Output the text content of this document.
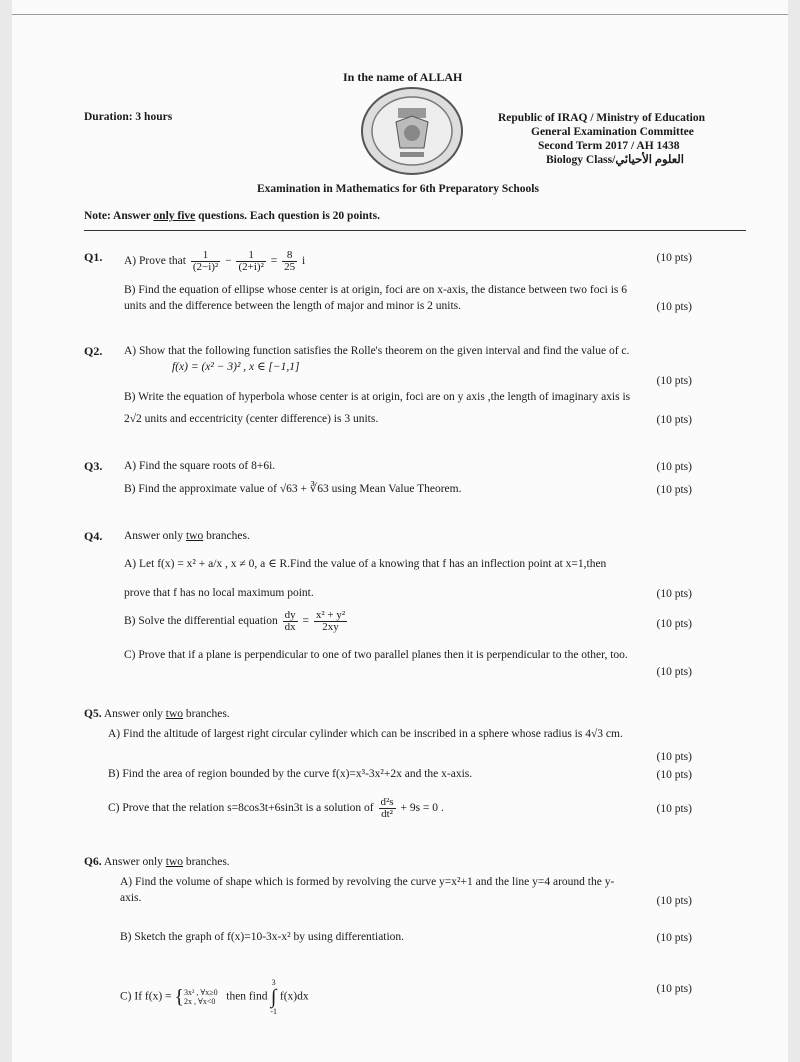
In the name of ALLAH
Duration: 3 hours	Republic of IRAQ / Ministry of Education
General Examination Committee
Second Term 2017 / AH 1438
Biology Class/العلوم الأحيائي
Examination in Mathematics for 6th Preparatory Schools
Note: Answer only five questions. Each question is 20 points.
Q1. A) Prove that $\frac{1}{\text{(2−i)²}} - \frac{1}{\text{(2+i)²}} = \frac{8}{25}$ i	(10 pts)
B) Find the equation of ellipse whose center is at origin, foci are on x-axis, the distance between two foci is 6
units and the difference between the length of major and minor is 2 units.	(10 pts)
Q2. A) Show that the following function satisfies the Rolle's theorem on the given interval and find the value of c.
f(x) = (x² − 3)² , x ∈ [−1,1]
(10 pts)
B) Write the equation of hyperbola whose center is at origin, foci are on y axis ,the length of imaginary axis is
2√2 units and eccentricity (center difference) is 3 units.	(10 pts)
Q3. A) Find the square roots of 8+6i.	(10 pts)
B) Find the approximate value of √63 + ∛63 using Mean Value Theorem.	(10 pts)
Q4. Answer only two branches.
A) Let f(x) = x² + a/x , x ≠ 0, a ∈ R.Find the value of a knowing that f has an inflection point at x=1,then
prove that f has no local maximum point.	(10 pts)
B) Solve the differential equation $\frac{dy}{dx} = \frac{\text{x² + y²}}{2xy}$	(10 pts)
C) Prove that if a plane is perpendicular to one of two parallel planes then it is perpendicular to the other, too.
(10 pts)
Q5. Answer only two branches.
A) Find the altitude of largest right circular cylinder which can be inscribed in a sphere whose radius is 4√3 cm.
(10 pts)
B) Find the area of region bounded by the curve f(x)=x³-3x²+2x and the x-axis.	(10 pts)
C) Prove that the relation s=8cos3t+6sin3t is a solution of $\frac{\text{d²s}}{\text{dt²}} + 9s = 0$ .	(10 pts)
Q6. Answer only two branches.
A) Find the volume of shape which is formed by revolving the curve y=x²+1 and the line y=4 around the y-
axis.	(10 pts)
B) Sketch the graph of f(x)=10-3x-x² by using differentiation.	(10 pts)
C) If f(x) = { 3x² , ∀x≥0
2x , ∀x<0 then find
3
∫
-1
f(x)dx
(10 pts)
